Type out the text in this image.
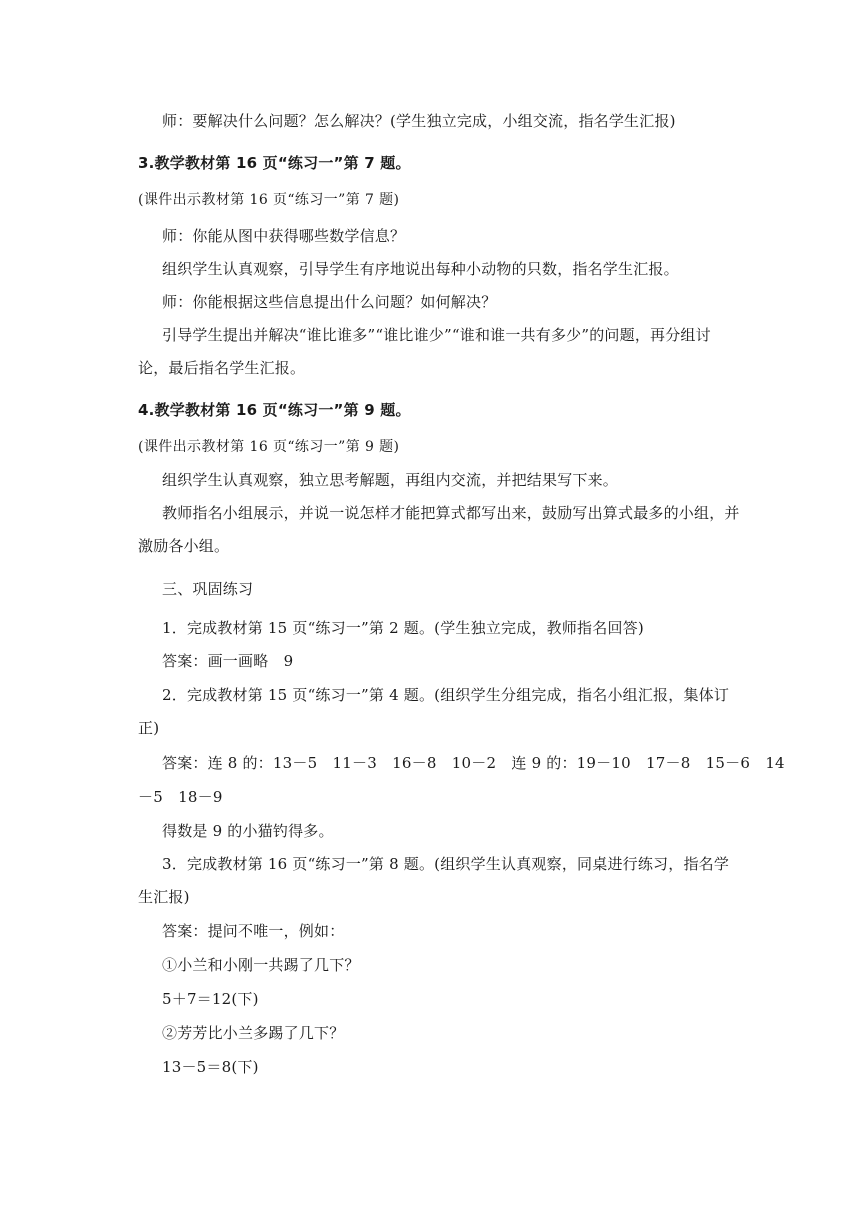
师：要解决什么问题？怎么解决？(学生独立完成，小组交流，指名学生汇报)
3.教学教材第 16 页“练习一”第 7 题。
(课件出示教材第 16 页“练习一”第 7 题)
师：你能从图中获得哪些数学信息？
组织学生认真观察，引导学生有序地说出每种小动物的只数，指名学生汇报。
师：你能根据这些信息提出什么问题？如何解决？
引导学生提出并解决“谁比谁多”“谁比谁少”“谁和谁一共有多少”的问题，再分组讨
论，最后指名学生汇报。
4.教学教材第 16 页“练习一”第 9 题。
(课件出示教材第 16 页“练习一”第 9 题)
组织学生认真观察，独立思考解题，再组内交流，并把结果写下来。
教师指名小组展示，并说一说怎样才能把算式都写出来，鼓励写出算式最多的小组，并
激励各小组。
三、巩固练习
1．完成教材第 15 页“练习一”第 2 题。(学生独立完成，教师指名回答)
答案：画一画略　9
2．完成教材第 15 页“练习一”第 4 题。(组织学生分组完成，指名小组汇报，集体订
正)
答案：连 8 的：13－5　11－3　16－8　10－2　连 9 的：19－10　17－8　15－6　14
－5　18－9
得数是 9 的小猫钓得多。
3．完成教材第 16 页“练习一”第 8 题。(组织学生认真观察，同桌进行练习，指名学
生汇报)
答案：提问不唯一，例如：
①小兰和小刚一共踢了几下？
5＋7＝12(下)
②芳芳比小兰多踢了几下？
13－5＝8(下)
